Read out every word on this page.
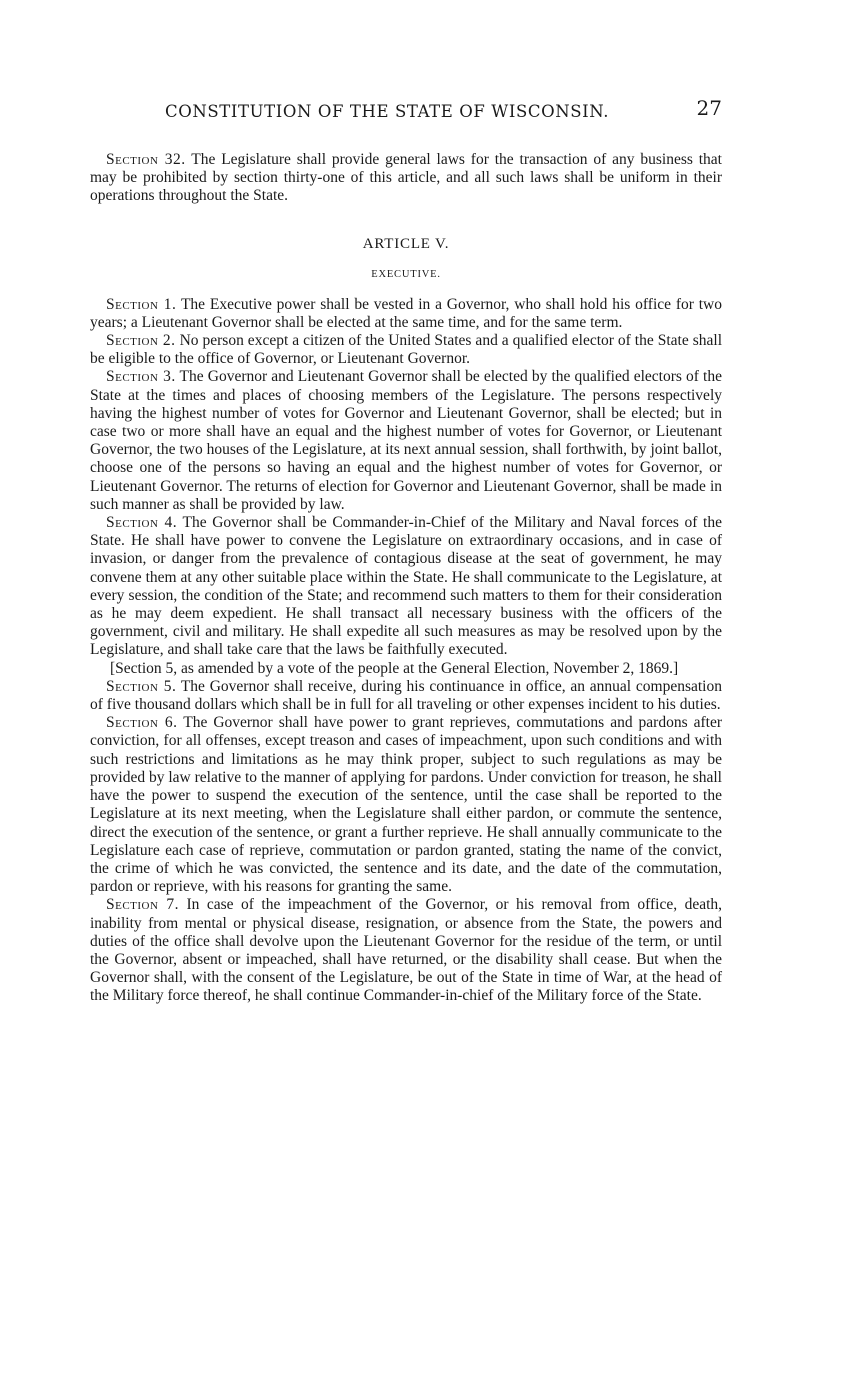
CONSTITUTION OF THE STATE OF WISCONSIN.	27

Section 32. The Legislature shall provide general laws for the transaction of any business that may be prohibited by section thirty-one of this article, and all such laws shall be uniform in their operations throughout the State.

ARTICLE V.

EXECUTIVE.

Section 1. The Executive power shall be vested in a Governor, who shall hold his office for two years; a Lieutenant Governor shall be elected at the same time, and for the same term.

Section 2. No person except a citizen of the United States and a qualified elector of the State shall be eligible to the office of Governor, or Lieutenant Governor.

Section 3. The Governor and Lieutenant Governor shall be elected by the qualified electors of the State at the times and places of choosing members of the Legislature. The persons respectively having the highest number of votes for Governor and Lieutenant Governor, shall be elected; but in case two or more shall have an equal and the highest number of votes for Governor, or Lieutenant Governor, the two houses of the Legislature, at its next annual session, shall forthwith, by joint ballot, choose one of the persons so having an equal and the highest number of votes for Governor, or Lieutenant Governor. The returns of election for Governor and Lieutenant Governor, shall be made in such manner as shall be provided by law.

Section 4. The Governor shall be Commander-in-Chief of the Military and Naval forces of the State. He shall have power to convene the Legislature on extraordinary occasions, and in case of invasion, or danger from the prevalence of contagious disease at the seat of government, he may convene them at any other suitable place within the State. He shall communicate to the Legislature, at every session, the condition of the State; and recommend such matters to them for their consideration as he may deem expedient. He shall transact all necessary business with the officers of the government, civil and military. He shall expedite all such measures as may be resolved upon by the Legislature, and shall take care that the laws be faithfully executed.

[Section 5, as amended by a vote of the people at the General Election, November 2, 1869.]

Section 5. The Governor shall receive, during his continuance in office, an annual compensation of five thousand dollars which shall be in full for all traveling or other expenses incident to his duties.

Section 6. The Governor shall have power to grant reprieves, commutations and pardons after conviction, for all offenses, except treason and cases of impeachment, upon such conditions and with such restrictions and limitations as he may think proper, subject to such regulations as may be provided by law relative to the manner of applying for pardons. Under conviction for treason, he shall have the power to suspend the execution of the sentence, until the case shall be reported to the Legislature at its next meeting, when the Legislature shall either pardon, or commute the sentence, direct the execution of the sentence, or grant a further reprieve. He shall annually communicate to the Legislature each case of reprieve, commutation or pardon granted, stating the name of the convict, the crime of which he was convicted, the sentence and its date, and the date of the commutation, pardon or reprieve, with his reasons for granting the same.

Section 7. In case of the impeachment of the Governor, or his removal from office, death, inability from mental or physical disease, resignation, or absence from the State, the powers and duties of the office shall devolve upon the Lieutenant Governor for the residue of the term, or until the Governor, absent or impeached, shall have returned, or the disability shall cease. But when the Governor shall, with the consent of the Legislature, be out of the State in time of War, at the head of the Military force thereof, he shall continue Commander-in-chief of the Military force of the State.
